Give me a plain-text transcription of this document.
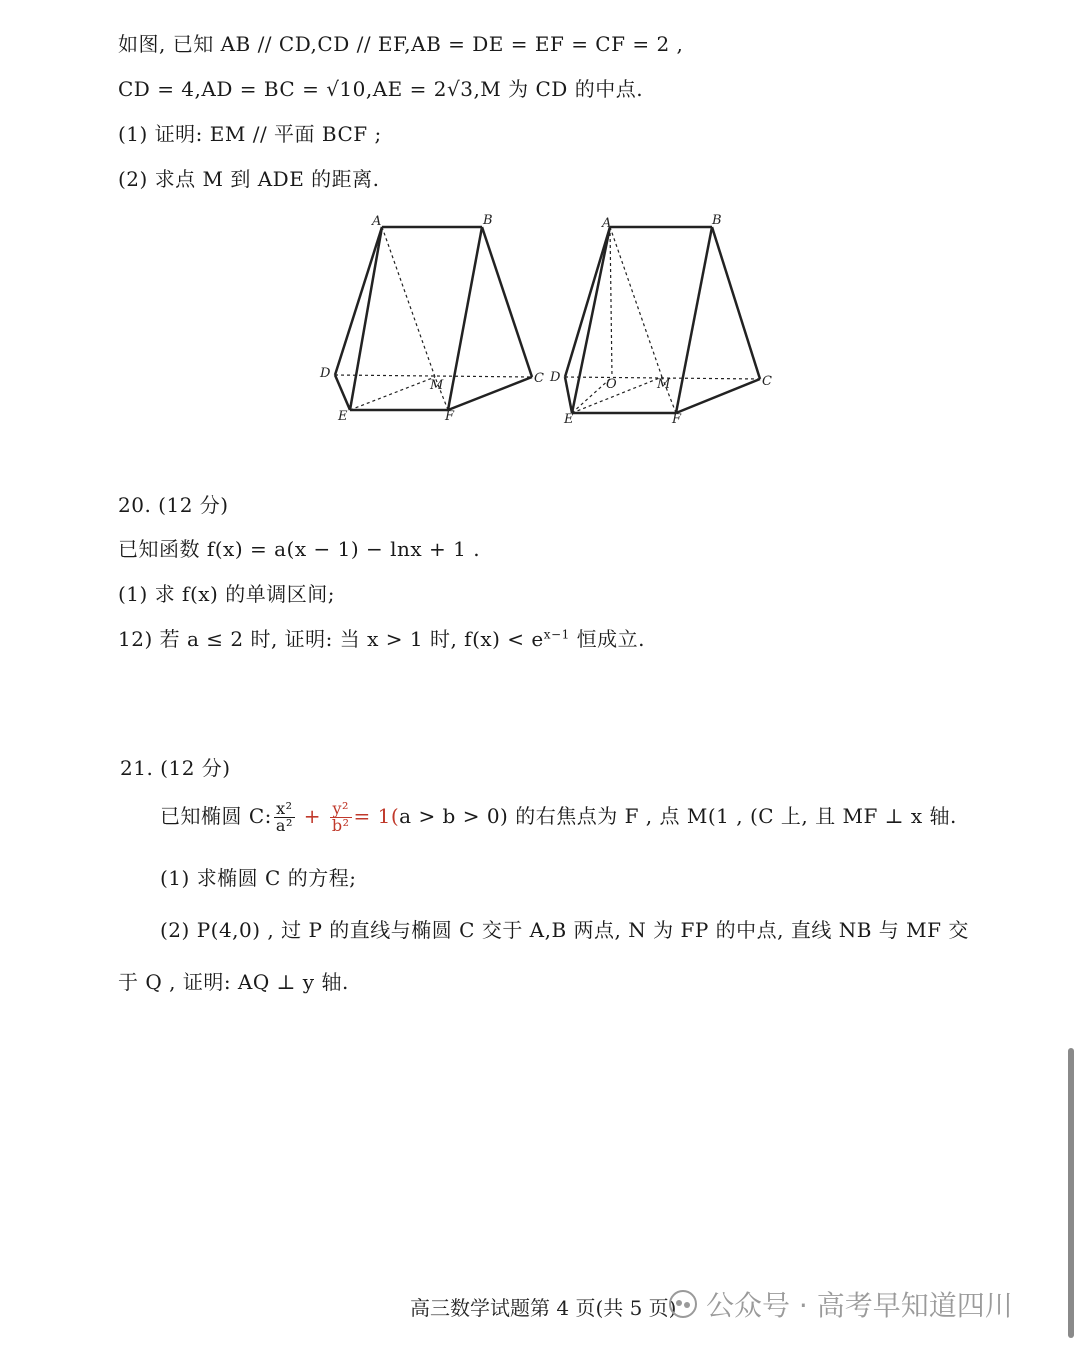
如图, 已知 AB // CD,CD // EF,AB = DE = EF = CF = 2 ,
CD = 4,AD = BC = √10,AE = 2√3,M 为 CD 的中点.
(1) 证明: EM // 平面 BCF ;
(2) 求点 M 到 ADE 的距离.
A	B
D
M	C
E	F
A	B
D	O	M	C
E	F
20. (12 分)
已知函数 f(x) = a(x − 1) − lnx + 1 .
(1) 求 f(x) 的单调区间;
12) 若 a ≤ 2 时, 证明: 当 x > 1 时, $f(x) < e^{x-1}$ 恒成立.
21. (12 分)
已知椭圆 C: $\frac{\text{x²}}{\text{a²}} + \frac{\text{y²}}{\text{b²}} = 1(a > b > 0)$ 的右焦点为 F , 点 M(1 , (C 上, 且 MF ⊥ x 轴.
(1) 求椭圆 C 的方程;
(2) P(4,0) , 过 P 的直线与椭圆 C 交于 A,B 两点, N 为 FP 的中点, 直线 NB 与 MF 交
于 Q , 证明: AQ ⊥ y 轴.
高三数学试题第 4 页(共 5 页) 公众号 · 高考早知道四川
